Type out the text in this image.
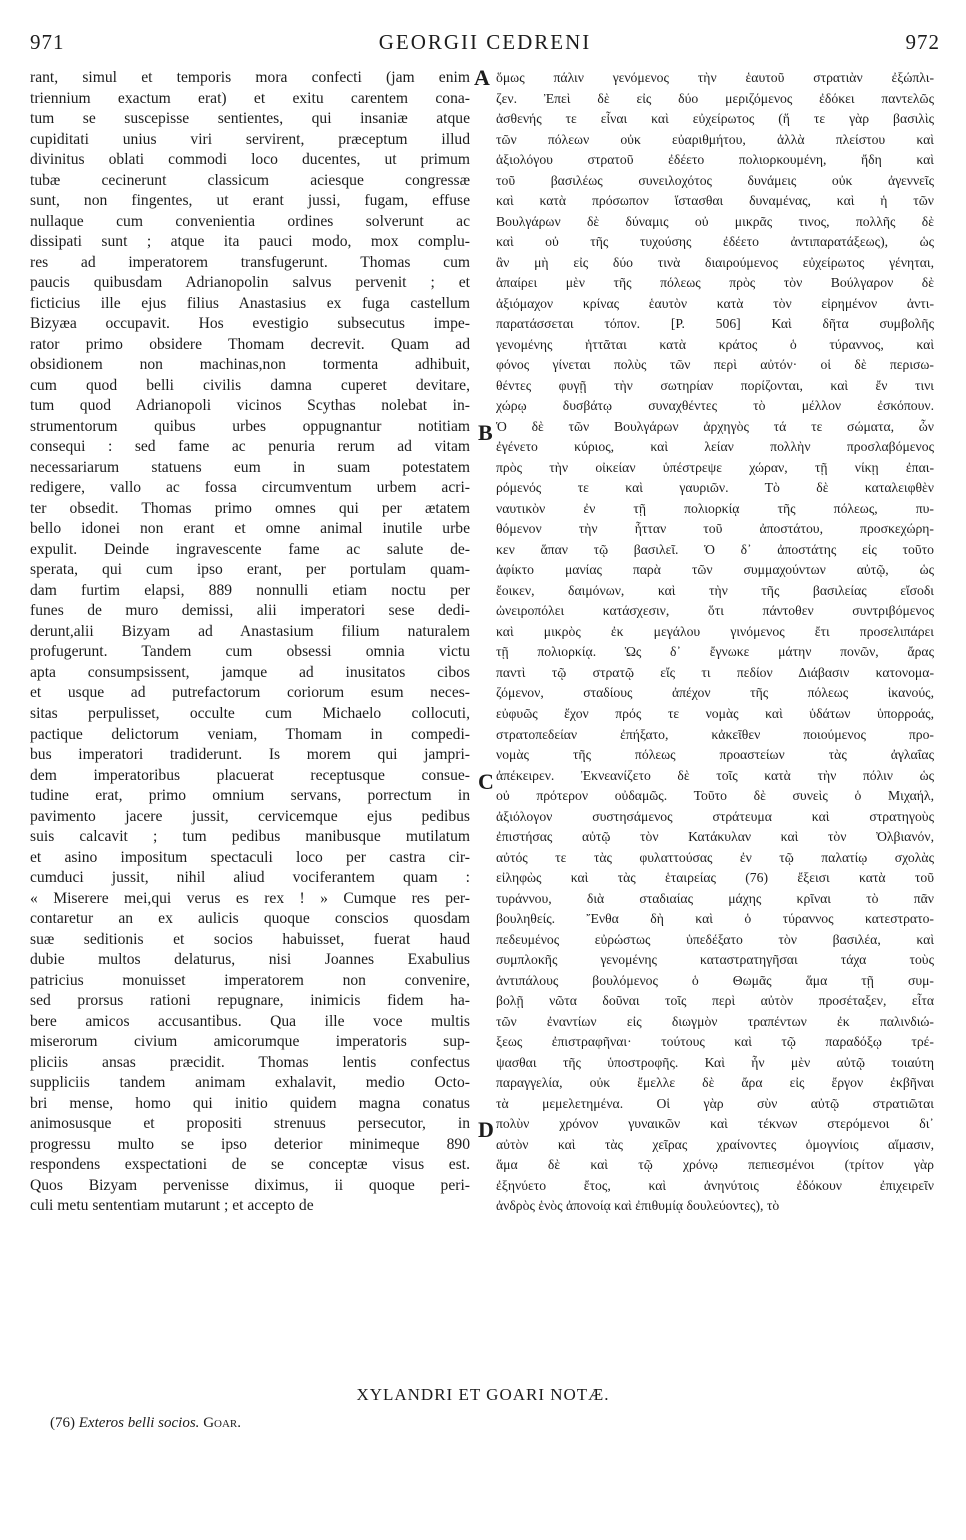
971	GEORGII CEDRENI	972
rant, simul et temporis mora confecti (jam enim
triennium exactum erat) et exitu carentem cona-
tum se suscepisse sentientes, qui insaniæ atque
cupiditati unius viri servirent, præceptum illud
divinitus oblati commodi loco ducentes, ut primum
tubæ cecinerunt classicum aciesque congressæ
sunt, non fingentes, ut erant jussi, fugam, effuse
nullaque cum convenientia ordines solverunt ac
dissipati sunt ; atque ita pauci modo, mox complu-
res ad imperatorem transfugerunt. Thomas cum
paucis quibusdam Adrianopolin salvus pervenit ; et
ficticius ille ejus filius Anastasius ex fuga castellum
Bizyæa occupavit. Hos evestigio subsecutus impe-
rator primo obsidere Thomam decrevit. Quam ad
obsidionem non machinas,non tormenta adhibuit,
cum quod belli civilis damna cuperet devitare,
tum quod Adrianopoli vicinos Scythas nolebat in-
strumentorum quibus urbes oppugnantur notitiam
consequi : sed fame ac penuria rerum ad vitam
necessariarum statuens eum in suam potestatem
redigere, vallo ac fossa circumventum urbem acri-
ter obsedit. Thomas primo omnes qui per ætatem
bello idonei non erant et omne animal inutile urbe
expulit. Deinde ingravescente fame ac salute de-
sperata, qui cum ipso erant, per portulam quam-
dam furtim elapsi, 889 nonnulli etiam noctu per
funes de muro demissi, alii imperatori sese dedi-
derunt,alii Bizyam ad Anastasium filium naturalem
profugerunt. Tandem cum obsessi omnia victu
apta consumpsissent, jamque ad inusitatos cibos
et usque ad putrefactorum coriorum esum neces-
sitas perpulisset, occulte cum Michaelo collocuti,
pactique delictorum veniam, Thomam in compedi-
bus imperatori tradiderunt. Is morem qui jampri-
dem imperatoribus placuerat receptusque consue-
tudine erat, primo omnium servans, porrectum in
pavimento jacere jussit, cervicemque ejus pedibus
suis calcavit ; tum pedibus manibusque mutilatum
et asino impositum spectaculi loco per castra cir-
cumduci jussit, nihil aliud vociferantem quam :
« Miserere mei,qui verus es rex ! » Cumque res per-
contaretur an ex aulicis quoque conscios quosdam
suæ seditionis et socios habuisset, fuerat haud
dubie multos delaturus, nisi Joannes Exabulius
patricius monuisset imperatorem non convenire,
sed prorsus rationi repugnare, inimicis fidem ha-
bere amicos accusantibus. Qua ille voce multis
miserorum civium amicorumque imperatoris sup-
pliciis ansas præcidit. Thomas lentis confectus
suppliciis tandem animam exhalavit, medio Octo-
bri mense, homo qui initio quidem magna conatus
animosusque et propositi strenuus persecutor, in
progressu multo se ipso deterior minimeque 890
respondens exspectationi de se conceptæ visus est.
Quos Bizyam pervenisse diximus, ii quoque peri-
culi metu sententiam mutarunt ; et accepto de
A
B
C
D
ὅμως πάλιν γενόμενος τὴν ἑαυτοῦ στρατιὰν ἐξώπλι-
ζεν. Ἐπεὶ δὲ εἰς δύο μεριζόμενος ἐδόκει παντελῶς
ἀσθενής τε εἶναι καὶ εὐχείρωτος (ἥ τε γὰρ βασιλὶς
τῶν πόλεων οὐκ εὐαριθμήτου, ἀλλὰ πλείστου καὶ
ἀξιολόγου στρατοῦ ἐδέετο πολιορκουμένη, ἤδη καὶ
τοῦ βασιλέως συνειλοχότος δυνάμεις οὐκ ἀγεννεῖς
καὶ κατὰ πρόσωπον ἵστασθαι δυναμένας, καὶ ἡ τῶν
Βουλγάρων δὲ δύναμις οὐ μικρᾶς τινος, πολλῆς δὲ
καὶ οὐ τῆς τυχούσης ἐδέετο ἀντιπαρατάξεως), ὡς
ἂν μὴ εἰς δύο τινὰ διαιρούμενος εὐχείρωτος γένηται,
ἀπαίρει μὲν τῆς πόλεως πρὸς τὸν Βούλγαρον δὲ
ἀξιόμαχον κρίνας ἑαυτὸν κατὰ τὸν εἰρημένον ἀντι-
παρατάσσεται τόπον. [P. 506] Καὶ δῆτα συμβολῆς
γενομένης ἡττᾶται κατὰ κράτος ὁ τύραννος, καὶ
φόνος γίνεται πολὺς τῶν περὶ αὐτόν· οἱ δὲ περισω-
θέντες φυγῇ τὴν σωτηρίαν πορίζονται, καὶ ἔν τινι
χώρῳ δυσβάτῳ συναχθέντες τὸ μέλλον ἐσκόπουν.
Ὁ δὲ τῶν Βουλγάρων ἀρχηγὸς τά τε σώματα, ὧν
ἐγένετο κύριος, καὶ λείαν πολλὴν προσλαβόμενος
πρὸς τὴν οἰκείαν ὑπέστρεψε χώραν, τῇ νίκῃ ἐπαι-
ρόμενός τε καὶ γαυριῶν. Τὸ δὲ καταλειφθὲν
ναυτικὸν ἐν τῇ πολιορκίᾳ τῆς πόλεως, πυ-
θόμενον τὴν ἧτταν τοῦ ἀποστάτου, προσκεχώρη-
κεν ἅπαν τῷ βασιλεῖ. Ὁ δ᾽ ἀποστάτης εἰς τοῦτο
ἀφίκτο μανίας παρὰ τῶν συμμαχούντων αὐτῷ, ὡς
ἔοικεν, δαιμόνων, καὶ τὴν τῆς βασιλείας εἴσοδι
ὠνειροπόλει κατάσχεσιν, ὅτι πάντοθεν συντριβόμενος
καὶ μικρὸς ἐκ μεγάλου γινόμενος ἔτι προσελιπάρει
τῇ πολιορκίᾳ. Ὡς δ᾽ ἔγνωκε μάτην πονῶν, ἄρας
παντὶ τῷ στρατῷ εἴς τι πεδίον Διάβασιν κατονομα-
ζόμενον, σταδίους ἀπέχον τῆς πόλεως ἱκανούς,
εὐφυῶς ἔχον πρός τε νομὰς καὶ ὑδάτων ὑπορροάς,
στρατοπεδείαν ἐπήξατο, κἀκεῖθεν ποιούμενος προ-
νομὰς τῆς πόλεως προαστείων τὰς ἀγλαΐας
ἀπέκειρεν. Ἐκνεανίζετο δὲ τοῖς κατὰ τὴν πόλιν ὡς
οὐ πρότερον οὐδαμῶς. Τοῦτο δὲ συνεὶς ὁ Μιχαήλ,
ἀξιόλογον συστησάμενος στράτευμα καὶ στρατηγοὺς
ἐπιστήσας αὐτῷ τὸν Κατάκυλαν καὶ τὸν Ὀλβιανόν,
αὐτός τε τὰς φυλαττούσας ἐν τῷ παλατίῳ σχολὰς
εἰληφὼς καὶ τὰς ἑταιρείας (76) ἔξεισι κατὰ τοῦ
τυράννου, διὰ σταδιαίας μάχης κρῖναι τὸ πᾶν
βουληθείς. Ἔνθα δὴ καὶ ὁ τύραννος κατεστρατο-
πεδευμένος εὐρώστως ὑπεδέξατο τὸν βασιλέα, καὶ
συμπλοκῆς γενομένης καταστρατηγῆσαι τάχα τοὺς
ἀντιπάλους βουλόμενος ὁ Θωμᾶς ἅμα τῇ συμ-
βολῇ νῶτα δοῦναι τοῖς περὶ αὐτὸν προσέταξεν, εἶτα
τῶν ἐναντίων εἰς διωγμὸν τραπέντων ἐκ παλινδιώ-
ξεως ἐπιστραφῆναι· τούτους καὶ τῷ παραδόξῳ τρέ-
ψασθαι τῆς ὑποστροφῆς. Καὶ ἦν μὲν αὐτῷ τοιαύτη
παραγγελία, οὐκ ἔμελλε δὲ ἄρα εἰς ἔργον ἐκβῆναι
τὰ μεμελετημένα. Οἱ γὰρ σὺν αὐτῷ στρατιῶται
πολὺν χρόνον γυναικῶν καὶ τέκνων στερόμενοι δι᾽
αὐτὸν καὶ τὰς χεῖρας χραίνοντες ὁμογνίοις αἵμασιν,
ἅμα δὲ καὶ τῷ χρόνῳ πεπιεσμένοι (τρίτον γὰρ
ἐξηνύετο ἔτος, καὶ ἀνηνύτοις ἐδόκουν ἐπιχειρεῖν
ἀνδρὸς ἑνὸς ἀπονοίᾳ καὶ ἐπιθυμίᾳ δουλεύοντες), τὸ
XYLANDRI ET GOARI NOTÆ.
(76) Exteros belli socios. Goar.
